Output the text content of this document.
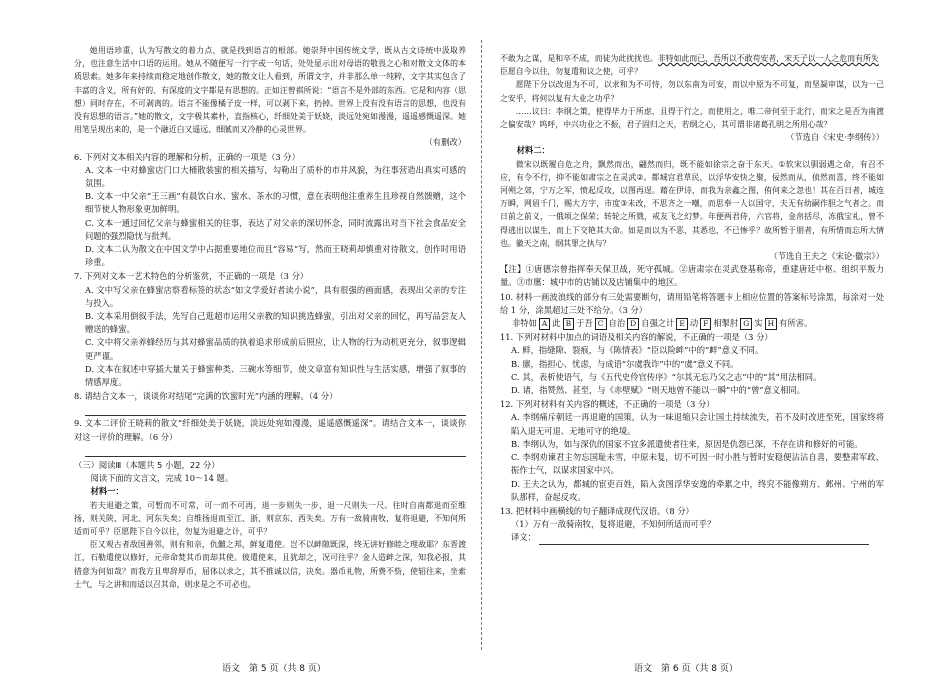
她用语珍重，认为写散文的着力点，就是找到语言的根部。她崇拜中国传统文学，既从古文诗统中汲取养分，也注意生活中口语的运用。她从不随便写一行字或一句话，处处显示出对母语的敬畏之心和对散文文体的本质思索。她多年来持续而稳定地创作散文，她的散文让人看到，所谓文字，并非那么单一纯粹，文字其实包含了丰富的含义，所有好的、有深度的文字都是有思想的。正如汪曾祺所说：“语言不是外部的东西。它是和内容（思想）同时存在，不可剥离的。语言不能像橘子皮一样，可以剥下来，扔掉。世界上没有没有语言的思想，也没有没有思想的语言。”她的散文，文字极其素朴，直指核心，纤细处美于妖娆，淡远处宛如漫漫，遥遥感慨遥深。她用笔呈现出来的，是一个融近白又遥远、细腻而又冷静的心灵世界。

（有删改）

6. 下列对文本相关内容的理解和分析，正确的一项是（3 分）

A. 文本一中对蜂蜜店门口大桶散装蜜的相关描写，勾勒出了质朴的市井风貌，为往事营造出真实可感的氛围。

B. 文本一中父亲“王三画”有晨饮白水、蜜水、茶水的习惯，意在表明他注重养生且珍视自然馈赠，这个细节使人物形象更加鲜明。

C. 文本一通过回忆父亲与蜂蜜相关的往事，表达了对父亲的深切怀念，同时流露出对当下社会食品安全问题的强烈隐忧与批判。

D. 文本二认为散文在中国文学中占据重要地位而且“容易”写，然而王晓莉却慎重对待散文，创作时用语珍重。

7. 下列对文本一艺术特色的分析鉴赏，不正确的一项是（3 分）

A. 文中写父亲在蜂蜜店察看标签的状态“如文学爱好者读小说”，具有很强的画面感，表现出父亲的专注与投入。

B. 文本采用倒叙手法，先写自己逛超市运用父亲教的知识挑选蜂蜜，引出对父亲的回忆，再写品尝友人赠送的蜂蜜。

C. 文中将父亲养蜂经历与其对蜂蜜品质的执着追求形成前后照应，让人物的行为动机更充分，叙事逻辑更严谨。

D. 文本在叙述中穿插大量关于蜂蜜种类、三碗水等细节，使文章富有知识性与生活实感，增强了叙事的情感厚度。

8. 请结合文本一，谈谈你对结尾“完满的饮蜜时光”内涵的理解。（4 分）

9. 文本二评价王晓莉的散文“纤细处美于妖娆，淡远处宛如漫漫，遥遥感慨遥深”。请结合文本一，谈谈你对这一评价的理解。（6 分）

（三）阅读Ⅲ（本题共 5 小题，22 分）

阅读下面的文言文，完成 10～14 题。

材料一：

若夫退避之策，可暂而不可常，可一而不可再，退一步则失一步，退一尺则失一尺。往时自南都退而至维扬，则关陕、河北、河东失矣；自维扬退而至江、浙，则京东、西失矣。万有一敌骑南牧，复将退避，不知何所适而可乎？臣愿陛下自今以往，勿复为退避之计，可乎？

臣又观古者敌国善邻，则有和亲，仇雠之邦，鲜复遣使。岂不以衅隙既深，终无讲好修睦之理故耶？东晋渡江，石勒遣使以修好，元帝命焚其币而却其使。彼遣使来，且犹却之，况可往乎？金人造衅之深，知我必报，其措意为何如哉？而我方且卑辞厚币，屈体以求之，其不推诚以信，决矣。器币礼物，所费不赀，使轺往来，坐索士气，与之讲和而适以召其命，则求是之不可必也。

不敢为之谋，是和卒不成，而徒为此扰扰也。非特如此而已，吾所以不敢苟安者，宋天子以一人之危而有所失

臣愿自今以往，勿复遣和议之使，可乎？

愿陛下分以改退为不可，以求和为不可恃，勿以东南为可安，而以中原为不可复，而坚凝审谋，以为一己之安乎，将何以复有大业之功乎？

……议曰：李纲之策，使得毕力于所虑，且得于行之，而使用之，唯二帝何至于北行，而宋之是否为南渡之偏安哉？呜呼，中兴功业之不振，君子固归之天，若纲之心，其可谓非诸葛孔明之所用心哉？

（节选自《宋史·李纲传》）

材料二：

微宋以既履自危之舟，飘然而出，翩然而归，既不能如徐宗之奋于东天。①软宋以驯弱遇之命，有召不应，有令不行，抑不能如肃宗之在灵武②。都城宫君草民，以浮华安快之聚，佞然而从，侦然而喜，终不能如河朔之郊，宁万之军，愤起反攻，以图再逞。藉在伊诗，而我为亲鑫之图，侑何来之忽也！其在百日者，城连万瞬，网眉千门，赐大方字，市度③未改，不思齐之一嘲，而思奉一人以国守，夫无有幼嗣作胆之气者之。而日前之前义，一俄顷之保荣；转轮之所戮，戒友飞之幻梦。年便两君侍，六官将，金帛括尽，冻俄宝礼，曾不得逃出以谋生，而上下交艳其大命。如是而以为不恶，其悉也，不已惨乎？故所暂于朋者，有所惜而忘所大情也。徽天之南，纲其罪之执与？

（节选自王夫之《宋论·徽宗》）

【注】①唐德宗曾指挥奉天保卫战，死守孤城。②唐肃宗在灵武登基称帝，重建唐廷中枢、组织平叛力量。③市廛：城中市的店铺以及店铺集中的地区。

10. 材料一画波浪线的部分有三处需要断句，请用铅笔将答题卡上相应位置的答案标号涂黑，每涂对一处给 1 分，涂黑超过三处不给分。（3 分）

非特如 A 此 B 于吾 C 自治 D 自强之计 E 动 F 相掣肘 G 实 H 有所害。

11. 下列对材料中加点的词语及相关内容的解说，不正确的一项是（3 分）

A. 鲜，指缝隙、裂痕，与《陈情表》“臣以险衅”中的“衅”意义不同。

B. 廪，指担心、忧虑，与成语“尔虞我诈”中的“虞”意义不同。

C. 其，表析使语气，与《五代史伶官传序》“尔其无忘乃父之志”中的“其”用法相同。

D. 诸，指赞然、甚至，与《赤壁赋》“则天地曾不能以一瞬”中的“曾”意义相同。

12. 下列对材料有关内容的概述，不正确的一项是（3 分）

A. 李纲痛斥朝廷一再退避的国策，认为一味退缩只会让国土持续流失，若不及时改进至死，国家终将陷入退无可退、无地可守的绝境。

B. 李纲认为，如与深仇的国家不宜多派遣使者往来，原因是仇怨已深，不存在讲和修好的可能。

C. 李纲劝谏君主勿忘国耻未雪，中原未复，切不可因一时小胜与暂时安稳便沾沾自喜，要整肃军政、振作士气，以谋求国家中兴。

D. 王夫之认为，都城的宦吏百姓，陷入贪图浮华安逸的牵累之中，终究不能像朔方、邺州、宁州的军队那样，奋起反攻。

13. 把材料中画横线的句子翻译成现代汉语。（8 分）

（1）万有一敌骑南牧，复将退避，不知何所适而可乎？

译文：

语文　第 5 页（共 8 页）	语文　第 6 页（共 8 页）
